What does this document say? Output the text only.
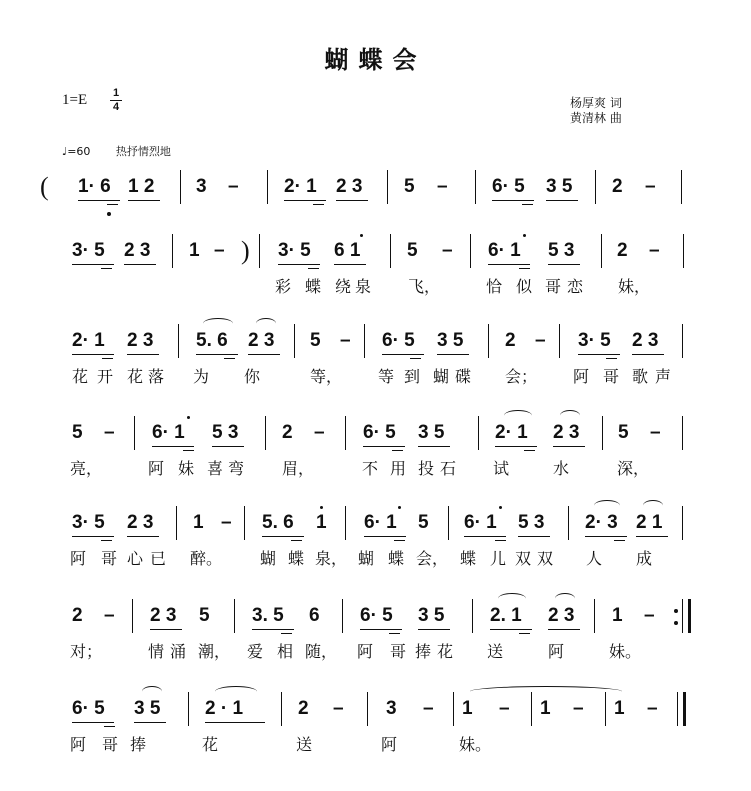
蝴蝶会
1=E 1
4	杨厚爽 词
黄清林 曲
♩=60 热抒情烈地
( 1· 6 1 2 3 – 2· 1 2 3 5 – 6· 5 3 5 2 –
3· 5 2 3 1 – ) 3· 5 6 1 5 – 6· 1 5 3 2 –
彩 蝶 绕 泉 飞，	恰 似 哥 恋 妹，
2· 1 2 3 5. 6 2 3 5 – 6· 5 3 5 2 – 3· 5 2 3
花 开 花 落 为 你	等， 等 到 蝴 碟 会； 阿 哥 歌 声
5 – 6· 1 5 3 2 – 6· 5 3 5	2· 1 2 3 5 –
亮，	阿 妹 喜 弯 眉，	不 用 投 石 试	水	深，
3· 5 2 3 1 – 5. 6 1 6· 1 5 6· 1 5 3 2· 3 2 1
阿 哥 心 已 醉。 蝴 蝶 泉， 蝴 蝶 会， 蝶 儿 双 双 人 成
2 – 2 3 5 3. 5 6 6· 5 3 5 2. 1 2 3 1 –
对；	情 涌 潮， 爱 相 随， 阿 哥 捧 花 送	阿	妹。
6· 5 3 5 2 · 1	2 – 3 – 1 – 1 – 1 –
阿 哥 捧	花	送	阿	妹。
